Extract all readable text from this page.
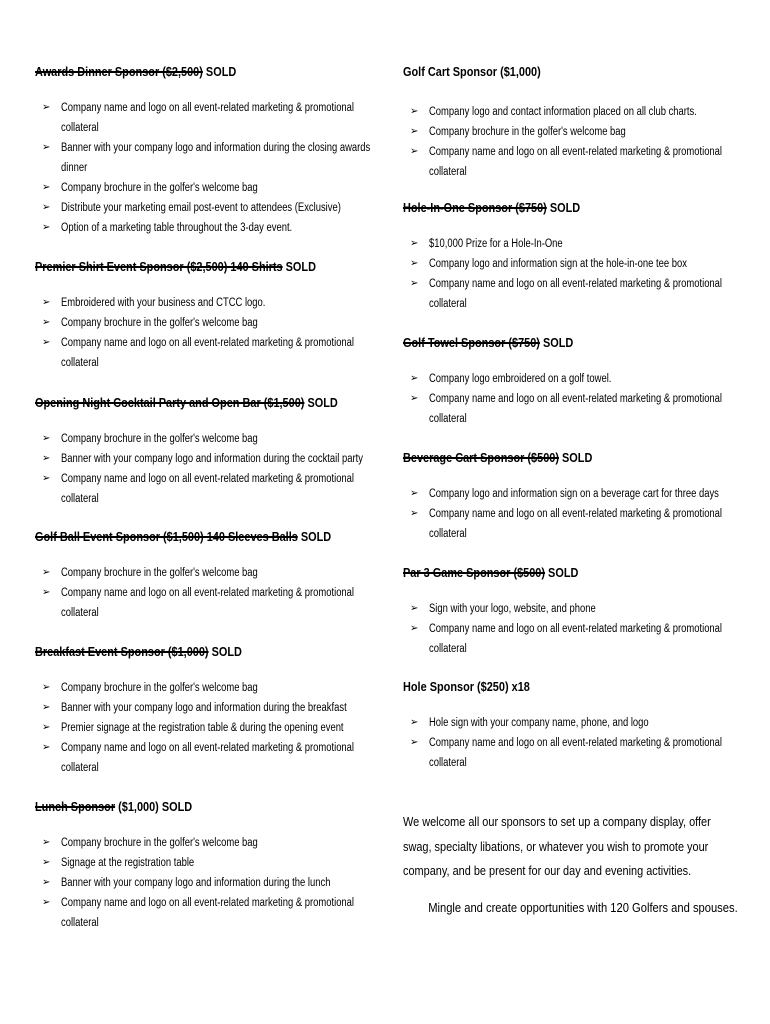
Awards Dinner Sponsor ($2,500) SOLD
➢ Company name and logo on all event-related marketing & promotional collateral
➢ Banner with your company logo and information during the closing awards dinner
➢ Company brochure in the golfer's welcome bag
➢ Distribute your marketing email post-event to attendees (Exclusive)
➢ Option of a marketing table throughout the 3-day event.
Premier Shirt Event Sponsor ($2,500) 140 Shirts SOLD
➢ Embroidered with your business and CTCC logo.
➢ Company brochure in the golfer's welcome bag
➢ Company name and logo on all event-related marketing & promotional collateral
Opening Night Cocktail Party and Open Bar ($1,500) SOLD
➢ Company brochure in the golfer's welcome bag
➢ Banner with your company logo and information during the cocktail party
➢ Company name and logo on all event-related marketing & promotional collateral
Golf Ball Event Sponsor ($1,500) 140 Sleeves Balls SOLD
➢ Company brochure in the golfer's welcome bag
➢ Company name and logo on all event-related marketing & promotional collateral
Breakfast Event Sponsor ($1,000) SOLD
➢ Company brochure in the golfer's welcome bag
➢ Banner with your company logo and information during the breakfast
➢ Premier signage at the registration table & during the opening event
➢ Company name and logo on all event-related marketing & promotional collateral
Lunch Sponsor ($1,000) SOLD
➢ Company brochure in the golfer's welcome bag
➢ Signage at the registration table
➢ Banner with your company logo and information during the lunch
➢ Company name and logo on all event-related marketing & promotional collateral
Golf Cart Sponsor ($1,000)
➢ Company logo and contact information placed on all club charts.
➢ Company brochure in the golfer's welcome bag
➢ Company name and logo on all event-related marketing & promotional collateral
Hole-In-One Sponsor ($750) SOLD
➢ $10,000 Prize for a Hole-In-One
➢ Company logo and information sign at the hole-in-one tee box
➢ Company name and logo on all event-related marketing & promotional collateral
Golf Towel Sponsor ($750) SOLD
➢ Company logo embroidered on a golf towel.
➢ Company name and logo on all event-related marketing & promotional collateral
Beverage Cart Sponsor ($500) SOLD
➢ Company logo and information sign on a beverage cart for three days
➢ Company name and logo on all event-related marketing & promotional collateral
Par 3 Game Sponsor ($500) SOLD
➢ Sign with your logo, website, and phone
➢ Company name and logo on all event-related marketing & promotional collateral
Hole Sponsor ($250) x18
➢ Hole sign with your company name, phone, and logo
➢ Company name and logo on all event-related marketing & promotional collateral
We welcome all our sponsors to set up a company display, offer swag, specialty libations, or whatever you wish to promote your company, and be present for our day and evening activities.
Mingle and create opportunities with 120 Golfers and spouses.
